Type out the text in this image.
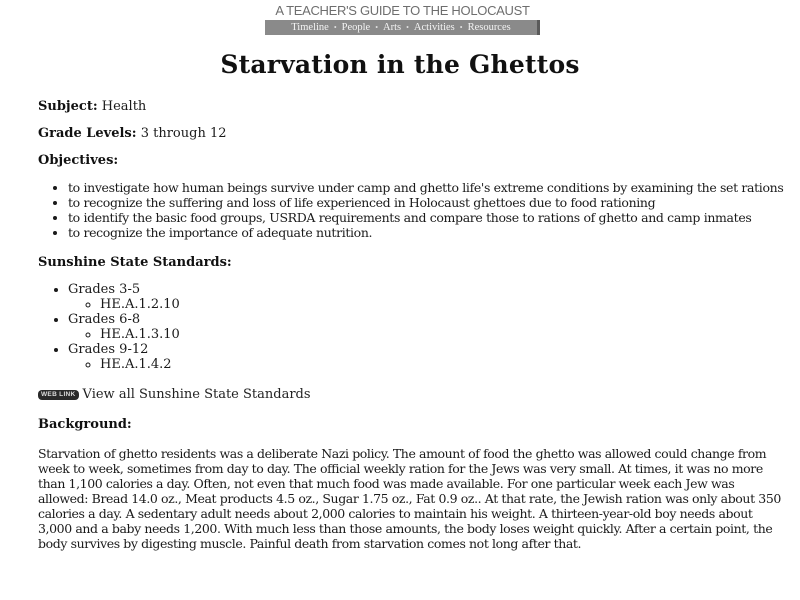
A TEACHER'S GUIDE TO THE HOLOCAUST
Timeline • People • Arts • Activities • Resources
Starvation in the Ghettos

Subject: Health

Grade Levels: 3 through 12

Objectives:

• to investigate how human beings survive under camp and ghetto life's extreme conditions by examining the set rations
• to recognize the suffering and loss of life experienced in Holocaust ghettoes due to food rationing
• to identify the basic food groups, USRDA requirements and compare those to rations of ghetto and camp inmates
• to recognize the importance of adequate nutrition.

Sunshine State Standards:

• Grades 3-5
◦ HE.A.1.2.10
• Grades 6-8
◦ HE.A.1.3.10
• Grades 9-12
◦ HE.A.1.4.2
WEB LINK View all Sunshine State Standards

Background:

Starvation of ghetto residents was a deliberate Nazi policy. The amount of food the ghetto was allowed could change from week to week, sometimes from day to day. The official weekly ration for the Jews was very small. At times, it was no more than 1,100 calories a day. Often, not even that much food was made available. For one particular week each Jew was allowed: Bread 14.0 oz., Meat products 4.5 oz., Sugar 1.75 oz., Fat 0.9 oz.. At that rate, the Jewish ration was only about 350 calories a day. A sedentary adult needs about 2,000 calories to maintain his weight. A thirteen-year-old boy needs about 3,000 and a baby needs 1,200. With much less than those amounts, the body loses weight quickly. After a certain point, the body survives by digesting muscle. Painful death from starvation comes not long after that.
